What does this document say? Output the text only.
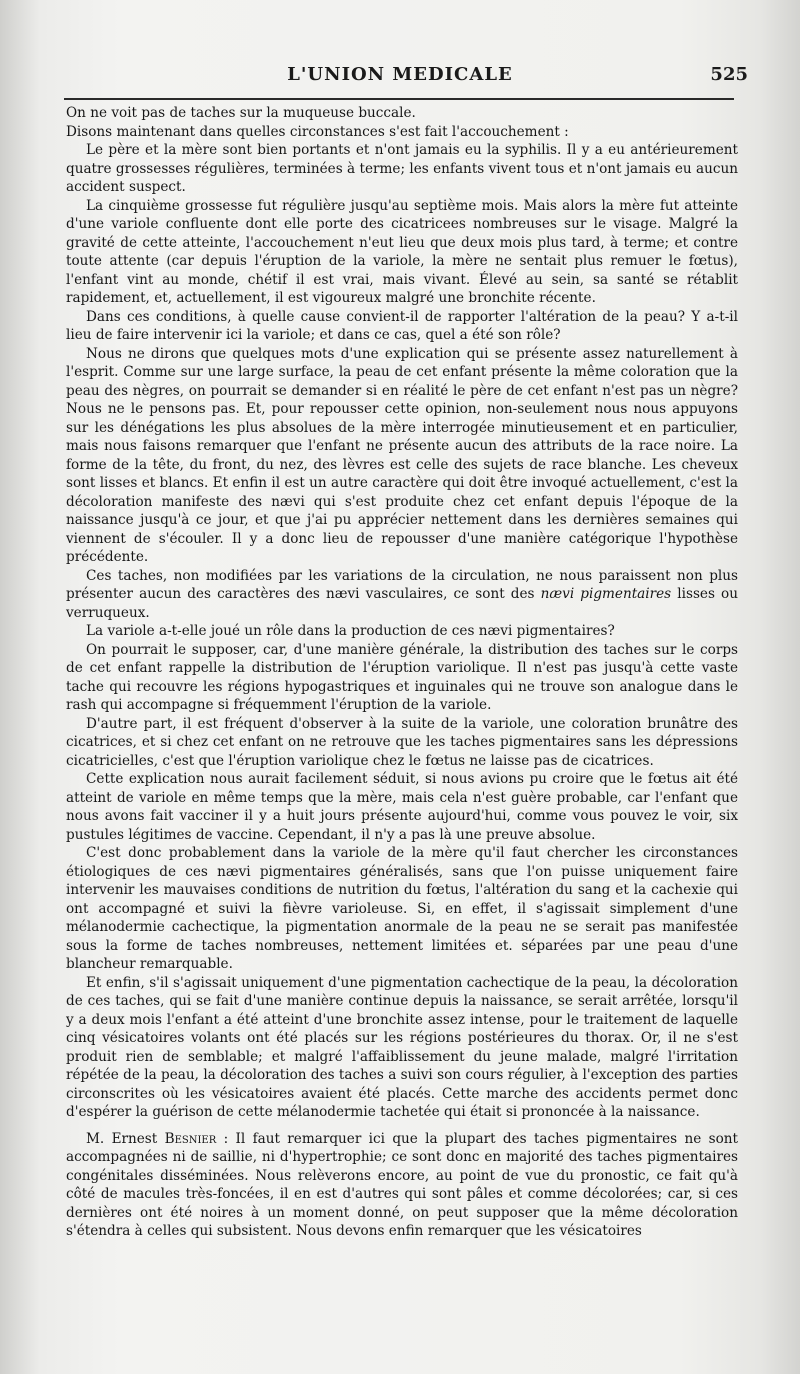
L'UNION MEDICALE	525

On ne voit pas de taches sur la muqueuse buccale.

Disons maintenant dans quelles circonstances s'est fait l'accouchement :

Le père et la mère sont bien portants et n'ont jamais eu la syphilis. Il y a eu antérieurement quatre grossesses régulières, terminées à terme; les enfants vivent tous et n'ont jamais eu aucun accident suspect.

La cinquième grossesse fut régulière jusqu'au septième mois. Mais alors la mère fut atteinte d'une variole confluente dont elle porte des cicatricees nombreuses sur le visage. Malgré la gravité de cette atteinte, l'accouchement n'eut lieu que deux mois plus tard, à terme; et contre toute attente (car depuis l'éruption de la variole, la mère ne sentait plus remuer le fœtus), l'enfant vint au monde, chétif il est vrai, mais vivant. Élevé au sein, sa santé se rétablit rapidement, et, actuellement, il est vigoureux malgré une bronchite récente.

Dans ces conditions, à quelle cause convient-il de rapporter l'altération de la peau? Y a-t-il lieu de faire intervenir ici la variole; et dans ce cas, quel a été son rôle?

Nous ne dirons que quelques mots d'une explication qui se présente assez naturellement à l'esprit. Comme sur une large surface, la peau de cet enfant présente la même coloration que la peau des nègres, on pourrait se demander si en réalité le père de cet enfant n'est pas un nègre? Nous ne le pensons pas. Et, pour repousser cette opinion, non-seulement nous nous appuyons sur les dénégations les plus absolues de la mère interrogée minutieusement et en particulier, mais nous faisons remarquer que l'enfant ne présente aucun des attributs de la race noire. La forme de la tête, du front, du nez, des lèvres est celle des sujets de race blanche. Les cheveux sont lisses et blancs. Et enfin il est un autre caractère qui doit être invoqué actuellement, c'est la décoloration manifeste des nævi qui s'est produite chez cet enfant depuis l'époque de la naissance jusqu'à ce jour, et que j'ai pu apprécier nettement dans les dernières semaines qui viennent de s'écouler. Il y a donc lieu de repousser d'une manière catégorique l'hypothèse précédente.

Ces taches, non modifiées par les variations de la circulation, ne nous paraissent non plus présenter aucun des caractères des nævi vasculaires, ce sont des nævi pigmentaires lisses ou verruqueux.

La variole a-t-elle joué un rôle dans la production de ces nævi pigmentaires?

On pourrait le supposer, car, d'une manière générale, la distribution des taches sur le corps de cet enfant rappelle la distribution de l'éruption variolique. Il n'est pas jusqu'à cette vaste tache qui recouvre les régions hypogastriques et inguinales qui ne trouve son analogue dans le rash qui accompagne si fréquemment l'éruption de la variole.

D'autre part, il est fréquent d'observer à la suite de la variole, une coloration brunâtre des cicatrices, et si chez cet enfant on ne retrouve que les taches pigmentaires sans les dépressions cicatricielles, c'est que l'éruption variolique chez le fœtus ne laisse pas de cicatrices.

Cette explication nous aurait facilement séduit, si nous avions pu croire que le fœtus ait été atteint de variole en même temps que la mère, mais cela n'est guère probable, car l'enfant que nous avons fait vacciner il y a huit jours présente aujourd'hui, comme vous pouvez le voir, six pustules légitimes de vaccine. Cependant, il n'y a pas là une preuve absolue.

C'est donc probablement dans la variole de la mère qu'il faut chercher les circonstances étiologiques de ces nævi pigmentaires généralisés, sans que l'on puisse uniquement faire intervenir les mauvaises conditions de nutrition du fœtus, l'altération du sang et la cachexie qui ont accompagné et suivi la fièvre varioleuse. Si, en effet, il s'agissait simplement d'une mélanodermie cachectique, la pigmentation anormale de la peau ne se serait pas manifestée sous la forme de taches nombreuses, nettement limitées et. séparées par une peau d'une blancheur remarquable.

Et enfin, s'il s'agissait uniquement d'une pigmentation cachectique de la peau, la décoloration de ces taches, qui se fait d'une manière continue depuis la naissance, se serait arrêtée, lorsqu'il y a deux mois l'enfant a été atteint d'une bronchite assez intense, pour le traitement de laquelle cinq vésicatoires volants ont été placés sur les régions postérieures du thorax. Or, il ne s'est produit rien de semblable; et malgré l'affaiblissement du jeune malade, malgré l'irritation répétée de la peau, la décoloration des taches a suivi son cours régulier, à l'exception des parties circonscrites où les vésicatoires avaient été placés. Cette marche des accidents permet donc d'espérer la guérison de cette mélanodermie tachetée qui était si prononcée à la naissance.

M. Ernest Besnier : Il faut remarquer ici que la plupart des taches pigmentaires ne sont accompagnées ni de saillie, ni d'hypertrophie; ce sont donc en majorité des taches pigmentaires congénitales disséminées. Nous relèverons encore, au point de vue du pronostic, ce fait qu'à côté de macules très-foncées, il en est d'autres qui sont pâles et comme décolorées; car, si ces dernières ont été noires à un moment donné, on peut supposer que la même décoloration s'étendra à celles qui subsistent. Nous devons enfin remarquer que les vésicatoires
